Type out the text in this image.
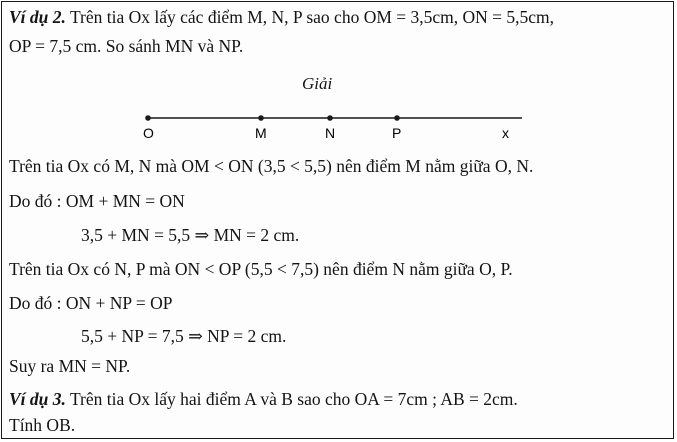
Ví dụ 2. Trên tia Ox lấy các điểm M, N, P sao cho OM = 3,5cm, ON = 5,5cm,
OP = 7,5 cm. So sánh MN và NP.
Giải
O	M	N	P	x
Trên tia Ox có M, N mà OM < ON (3,5 < 5,5) nên điểm M nằm giữa O, N.
Do đó : OM + MN = ON
3,5 + MN = 5,5 ⇒ MN = 2 cm.
Trên tia Ox có N, P mà ON < OP (5,5 < 7,5) nên điểm N nằm giữa O, P.
Do đó : ON + NP = OP
5,5 + NP = 7,5 ⇒ NP = 2 cm.
Suy ra MN = NP.
Ví dụ 3. Trên tia Ox lấy hai điểm A và B sao cho OA = 7cm ; AB = 2cm.
Tính OB.
